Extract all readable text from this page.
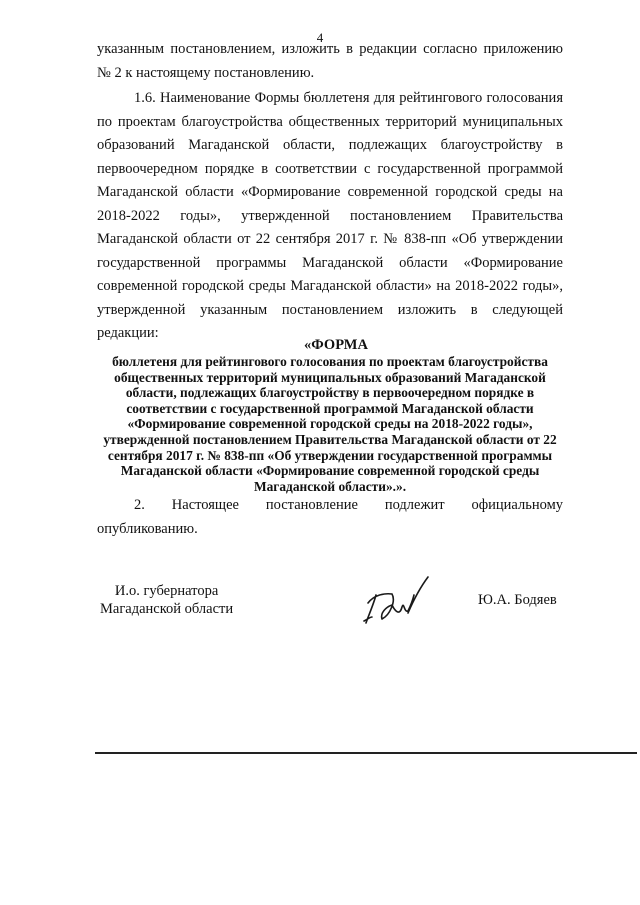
4

указанным постановлением, изложить в редакции согласно приложению № 2 к настоящему постановлению.

1.6. Наименование Формы бюллетеня для рейтингового голосования по проектам благоустройства общественных территорий муниципальных образований Магаданской области, подлежащих благоустройству в первоочередном порядке в соответствии с государственной программой Магаданской области «Формирование современной городской среды на 2018-2022 годы», утвержденной постановлением Правительства Магаданской области от 22 сентября 2017 г. № 838-пп «Об утверждении государственной программы Магаданской области «Формирование современной городской среды Магаданской области» на 2018-2022 годы», утвержденной указанным постановлением изложить в следующей редакции:

«ФОРМА
бюллетеня для рейтингового голосования по проектам благоустройства общественных территорий муниципальных образований Магаданской области, подлежащих благоустройству в первоочередном порядке в соответствии с государственной программой Магаданской области «Формирование современной городской среды на 2018-2022 годы», утвержденной постановлением Правительства Магаданской области от 22 сентября 2017 г. № 838-пп «Об утверждении государственной программы Магаданской области «Формирование современной городской среды Магаданской области».».

2. Настоящее постановление подлежит официальному опубликованию.

И.о. губернатора
Магаданской области
Ю.А. Бодяев
